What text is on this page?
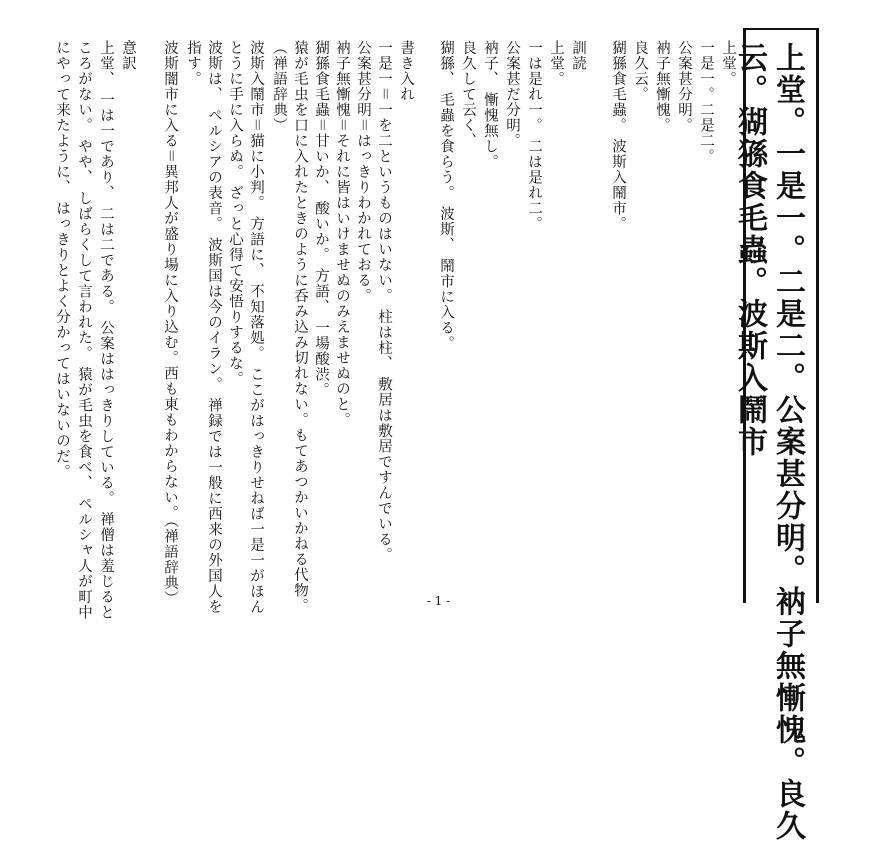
上堂。一是一。二是二。公案甚分明。衲子無慚愧。良久
云。猢猻食毛蟲。波斯入鬧市
上堂。
一是一。二是二。
公案甚分明。
衲子無慚愧。
良久云。
猢猻食毛蟲。 波斯入鬧市。
訓読
上堂。
一は是れ一。 二は是れ二。
公案甚だ分明。
衲子、 慚愧無し。
良久して云く、
猢猻、 毛蟲を食らう。 波斯、 鬧市に入る。
書き入れ
一是一＝一を二というものはいない。 柱は柱、 敷居は敷居ですんでいる。
公案甚分明＝はっきりわかれておる。
衲子無慚愧＝それに皆はいけませぬのみえませぬのと。
猢猻食毛蟲＝甘いか、 酸いか。 方語、 一場酸渋。
猿が毛虫を口に入れたときのように呑み込み切れない。もてあつかいかねる代物。
（禅語辞典）
波斯入鬧市＝猫に小判。 方語に、 不知落処。 ここがはっきりせねば一是一がほん
とうに手に入らぬ。 ざっと心得て安悟りするな。
波斯は、 ペルシアの表音。 波斯国は今のイラン。 禅録では一般に西来の外国人を
指す。
波斯闇市に入る＝異邦人が盛り場に入り込む。西も東もわからない。（禅語辞典）
意訳
上堂、 一は一であり、 二は二である。 公案ははっきりしている。 禅僧は羞じると
ころがない。 やや、 しばらくして言われた。 猿が毛虫を食べ、 ペルシャ人が町中
にやって来たように、 はっきりとよく分かってはいないのだ。
- 1 -
